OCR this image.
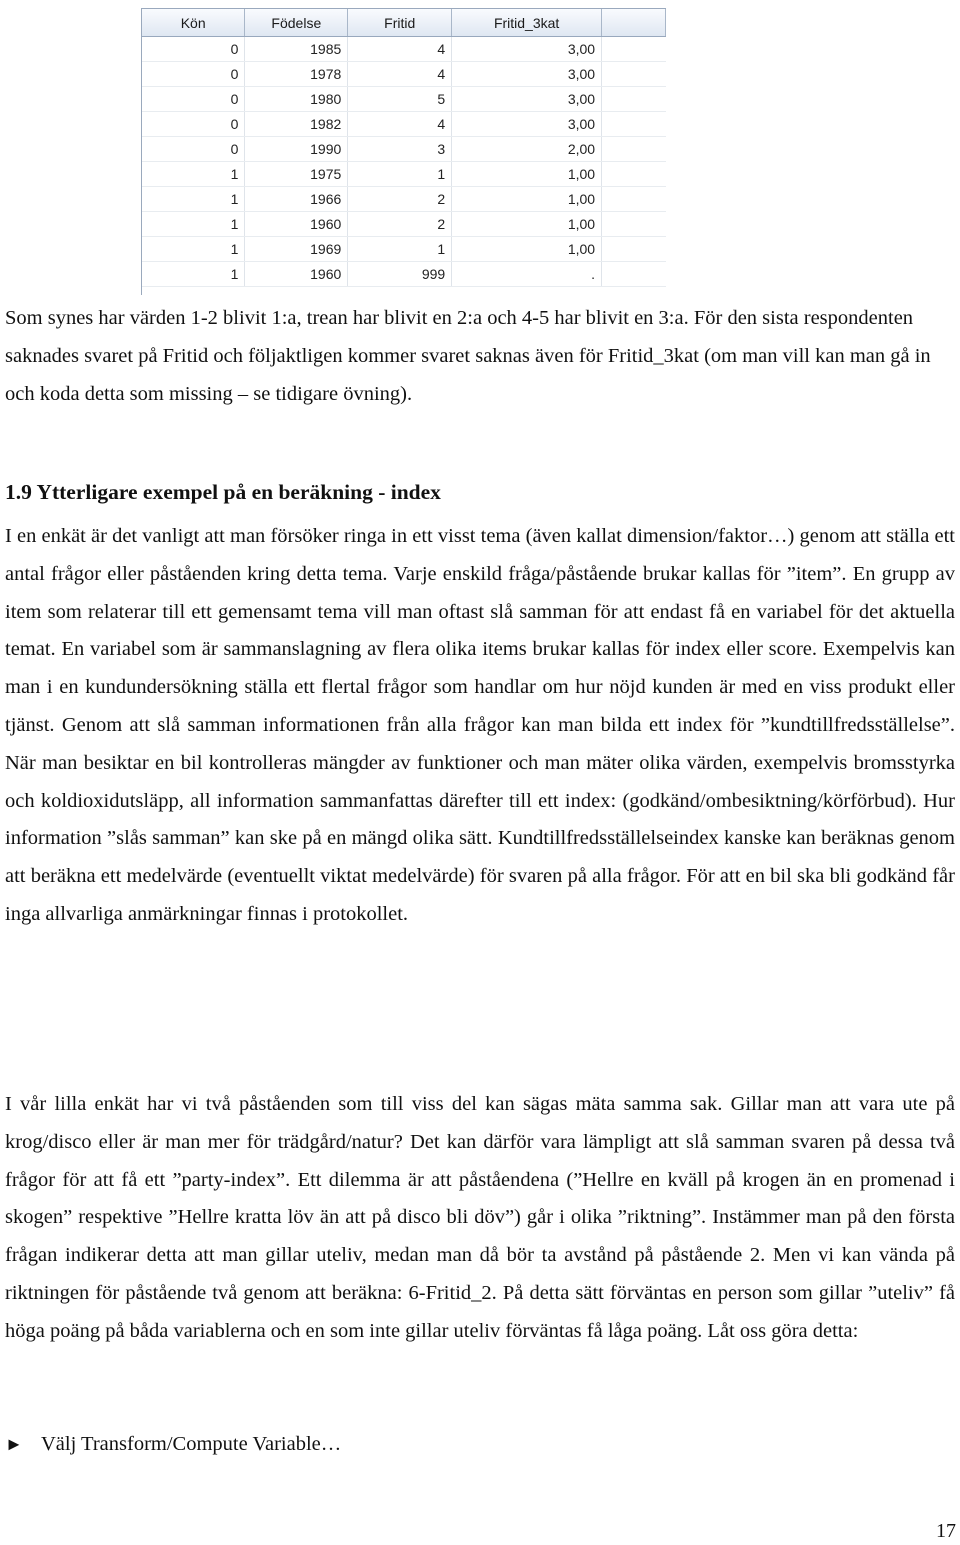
Kön	Födelse	Fritid	Fritid_3kat	
0	1985	4	3,00	
0	1978	4	3,00	
0	1980	5	3,00	
0	1982	4	3,00	
0	1990	3	2,00	
1	1975	1	1,00	
1	1966	2	1,00	
1	1960	2	1,00	
1	1969	1	1,00	
1	1960	999	.	

Som synes har värden 1-2 blivit 1:a, trean har blivit en 2:a och 4-5 har blivit en 3:a. För den sista respondenten saknades svaret på Fritid och följaktligen kommer svaret saknas även för Fritid_3kat (om man vill kan man gå in och koda detta som missing – se tidigare övning).

1.9 Ytterligare exempel på en beräkning - index

I en enkät är det vanligt att man försöker ringa in ett visst tema (även kallat dimension/faktor…) genom att ställa ett antal frågor eller påståenden kring detta tema. Varje enskild fråga/påstående brukar kallas för ”item”. En grupp av item som relaterar till ett gemensamt tema vill man oftast slå samman för att endast få en variabel för det aktuella temat. En variabel som är sammanslagning av flera olika items brukar kallas för index eller score. Exempelvis kan man i en kundundersökning ställa ett flertal frågor som handlar om hur nöjd kunden är med en viss produkt eller tjänst. Genom att slå samman informationen från alla frågor kan man bilda ett index för ”kundtillfredsställelse”. När man besiktar en bil kontrolleras mängder av funktioner och man mäter olika värden, exempelvis bromsstyrka och koldioxidutsläpp, all information sammanfattas därefter till ett index: (godkänd/ombesiktning/körförbud). Hur information ”slås samman” kan ske på en mängd olika sätt. Kundtillfredsställelseindex kanske kan beräknas genom att beräkna ett medelvärde (eventuellt viktat medelvärde) för svaren på alla frågor. För att en bil ska bli godkänd får inga allvarliga anmärkningar finnas i protokollet.

I vår lilla enkät har vi två påståenden som till viss del kan sägas mäta samma sak. Gillar man att vara ute på krog/disco eller är man mer för trädgård/natur? Det kan därför vara lämpligt att slå samman svaren på dessa två frågor för att få ett ”party-index”. Ett dilemma är att påståendena (”Hellre en kväll på krogen än en promenad i skogen” respektive ”Hellre kratta löv än att på disco bli döv”) går i olika ”riktning”. Instämmer man på den första frågan indikerar detta att man gillar uteliv, medan man då bör ta avstånd på påstående 2. Men vi kan vända på riktningen för påstående två genom att beräkna: 6-Fritid_2. På detta sätt förväntas en person som gillar ”uteliv” få höga poäng på båda variablerna och en som inte gillar uteliv förväntas få låga poäng. Låt oss göra detta:

► Välj Transform/Compute Variable…

17
